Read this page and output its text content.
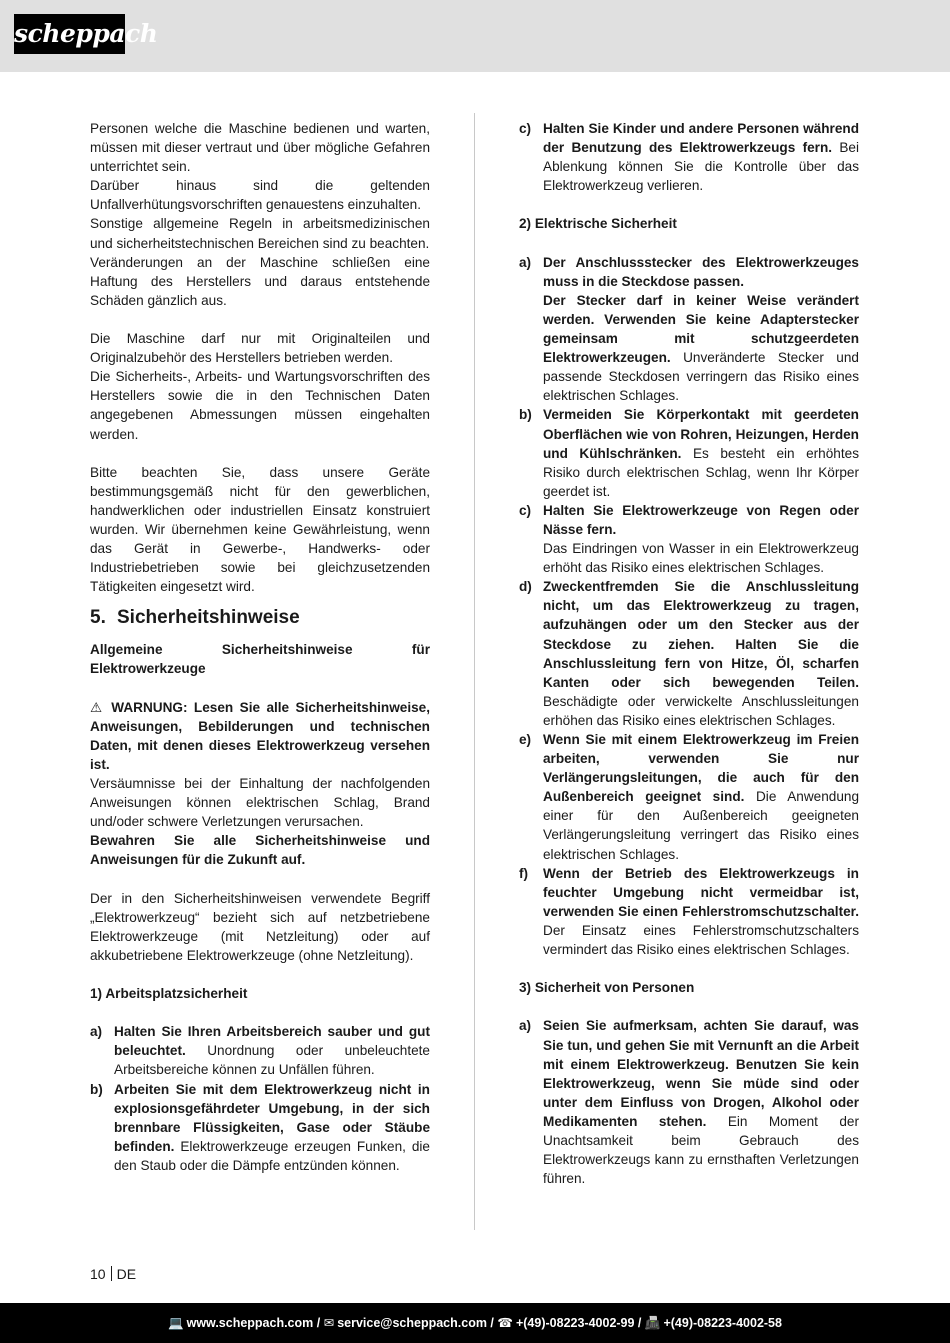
scheppach

Personen welche die Maschine bedienen und warten, müssen mit dieser vertraut und über mögliche Gefahren unterrichtet sein.

Darüber hinaus sind die geltenden Unfallverhütungsvorschriften genauestens einzuhalten.

Sonstige allgemeine Regeln in arbeitsmedizinischen und sicherheitstechnischen Bereichen sind zu beachten.

Veränderungen an der Maschine schließen eine Haftung des Herstellers und daraus entstehende Schäden gänzlich aus.

Die Maschine darf nur mit Originalteilen und Originalzubehör des Herstellers betrieben werden.

Die Sicherheits-, Arbeits- und Wartungsvorschriften des Herstellers sowie die in den Technischen Daten angegebenen Abmessungen müssen eingehalten werden.

Bitte beachten Sie, dass unsere Geräte bestimmungsgemäß nicht für den gewerblichen, handwerklichen oder industriellen Einsatz konstruiert wurden. Wir übernehmen keine Gewährleistung, wenn das Gerät in Gewerbe-, Handwerks- oder Industriebetrieben sowie bei gleichzusetzenden Tätigkeiten eingesetzt wird.

5. Sicherheitshinweise

Allgemeine Sicherheitshinweise für Elektrowerkzeuge

⚠ WARNUNG: Lesen Sie alle Sicherheitshinweise, Anweisungen, Bebilderungen und technischen Daten, mit denen dieses Elektrowerkzeug versehen ist.

Versäumnisse bei der Einhaltung der nachfolgenden Anweisungen können elektrischen Schlag, Brand und/oder schwere Verletzungen verursachen.

Bewahren Sie alle Sicherheitshinweise und Anweisungen für die Zukunft auf.

Der in den Sicherheitshinweisen verwendete Begriff „Elektrowerkzeug“ bezieht sich auf netzbetriebene Elektrowerkzeuge (mit Netzleitung) oder auf akkubetriebene Elektrowerkzeuge (ohne Netzleitung).

1) Arbeitsplatzsicherheit

a) Halten Sie Ihren Arbeitsbereich sauber und gut beleuchtet. Unordnung oder unbeleuchtete Arbeitsbereiche können zu Unfällen führen.
b) Arbeiten Sie mit dem Elektrowerkzeug nicht in explosionsgefährdeter Umgebung, in der sich brennbare Flüssigkeiten, Gase oder Stäube befinden. Elektrowerkzeuge erzeugen Funken, die den Staub oder die Dämpfe entzünden können.
c) Halten Sie Kinder und andere Personen während der Benutzung des Elektrowerkzeugs fern. Bei Ablenkung können Sie die Kontrolle über das Elektrowerkzeug verlieren.

2) Elektrische Sicherheit

a) Der Anschlussstecker des Elektrowerkzeuges muss in die Steckdose passen.
Der Stecker darf in keiner Weise verändert werden. Verwenden Sie keine Adapterstecker gemeinsam mit schutzgeerdeten Elektrowerkzeugen. Unveränderte Stecker und passende Steckdosen verringern das Risiko eines elektrischen Schlages.
b) Vermeiden Sie Körperkontakt mit geerdeten Oberflächen wie von Rohren, Heizungen, Herden und Kühlschränken. Es besteht ein erhöhtes Risiko durch elektrischen Schlag, wenn Ihr Körper geerdet ist.
c) Halten Sie Elektrowerkzeuge von Regen oder Nässe fern.
Das Eindringen von Wasser in ein Elektrowerkzeug erhöht das Risiko eines elektrischen Schlages.
d) Zweckentfremden Sie die Anschlussleitung nicht, um das Elektrowerkzeug zu tragen, aufzuhängen oder um den Stecker aus der Steckdose zu ziehen. Halten Sie die Anschlussleitung fern von Hitze, Öl, scharfen Kanten oder sich bewegenden Teilen. Beschädigte oder verwickelte Anschlussleitungen erhöhen das Risiko eines elektrischen Schlages.
e) Wenn Sie mit einem Elektrowerkzeug im Freien arbeiten, verwenden Sie nur Verlängerungsleitungen, die auch für den Außenbereich geeignet sind. Die Anwendung einer für den Außenbereich geeigneten Verlängerungsleitung verringert das Risiko eines elektrischen Schlages.
f) Wenn der Betrieb des Elektrowerkzeugs in feuchter Umgebung nicht vermeidbar ist, verwenden Sie einen Fehlerstromschutzschalter. Der Einsatz eines Fehlerstromschutzschalters vermindert das Risiko eines elektrischen Schlages.

3) Sicherheit von Personen

a) Seien Sie aufmerksam, achten Sie darauf, was Sie tun, und gehen Sie mit Vernunft an die Arbeit mit einem Elektrowerkzeug. Benutzen Sie kein Elektrowerkzeug, wenn Sie müde sind oder unter dem Einfluss von Drogen, Alkohol oder Medikamenten stehen. Ein Moment der Unachtsamkeit beim Gebrauch des Elektrowerkzeugs kann zu ernsthaften Verletzungen führen.
10 DE
💻 www.scheppach.com / ✉ service@scheppach.com / ☎ +(49)-08223-4002-99 / 📠 +(49)-08223-4002-58
